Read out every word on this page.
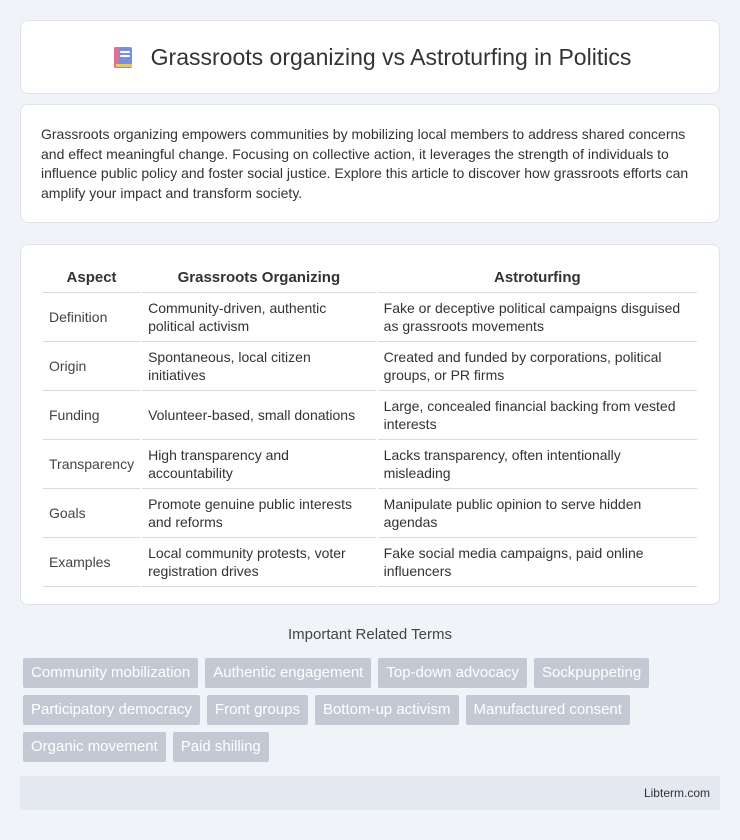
Grassroots organizing vs Astroturfing in Politics

Grassroots organizing empowers communities by mobilizing local members to address shared concerns and effect meaningful change. Focusing on collective action, it leverages the strength of individuals to influence public policy and foster social justice. Explore this article to discover how grassroots efforts can amplify your impact and transform society.

Aspect	Grassroots Organizing	Astroturfing
Definition	Community-driven, authentic political activism	Fake or deceptive political campaigns disguised as grassroots movements
Origin	Spontaneous, local citizen initiatives	Created and funded by corporations, political groups, or PR firms
Funding	Volunteer-based, small donations	Large, concealed financial backing from vested interests
Transparency	High transparency and accountability	Lacks transparency, often intentionally misleading
Goals	Promote genuine public interests and reforms	Manipulate public opinion to serve hidden agendas
Examples	Local community protests, voter registration drives	Fake social media campaigns, paid online influencers
Important Related Terms
Community mobilization	Authentic engagement	Top-down advocacy	Sockpuppeting
Participatory democracy	Front groups	Bottom-up activism	Manufactured consent
Organic movement	Paid shilling
Libterm.com
